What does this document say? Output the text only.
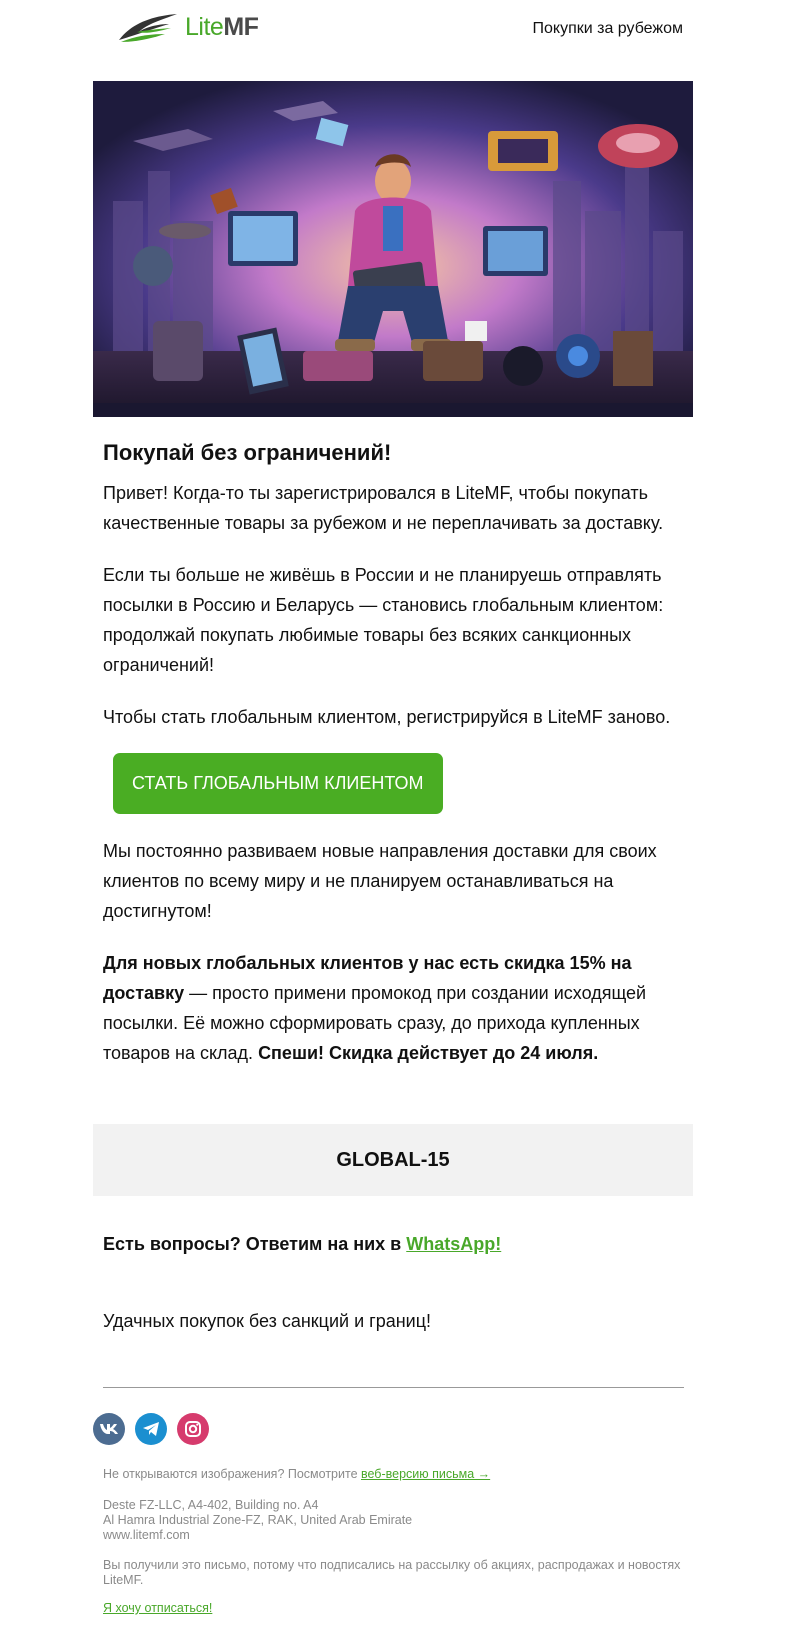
LiteMF	Покупки за рубежом
Покупай без ограничений!

Привет! Когда-то ты зарегистрировался в LiteMF, чтобы покупать качественные товары за рубежом и не переплачивать за доставку.

Если ты больше не живёшь в России и не планируешь отправлять посылки в Россию и Беларусь — становись глобальным клиентом: продолжай покупать любимые товары без всяких санкционных ограничений!

Чтобы стать глобальным клиентом, регистрируйся в LiteMF заново.

СТАТЬ ГЛОБАЛЬНЫМ КЛИЕНТОМ

Мы постоянно развиваем новые направления доставки для своих клиентов по всему миру и не планируем останавливаться на достигнутом!

Для новых глобальных клиентов у нас есть скидка 15% на доставку — просто примени промокод при создании исходящей посылки. Её можно сформировать сразу, до прихода купленных товаров на склад. Спеши! Скидка действует до 24 июля.

GLOBAL-15
Есть вопросы? Ответим на них в WhatsApp!
Удачных покупок без санкций и границ!
Не открываются изображения? Посмотрите веб-версию письма →
Deste FZ-LLC, A4-402, Building no. A4
Al Hamra Industrial Zone-FZ, RAK, United Arab Emirate
www.litemf.com
Вы получили это письмо, потому что подписались на рассылку об акциях, распродажах и новостях LiteMF.
Я хочу отписаться!
